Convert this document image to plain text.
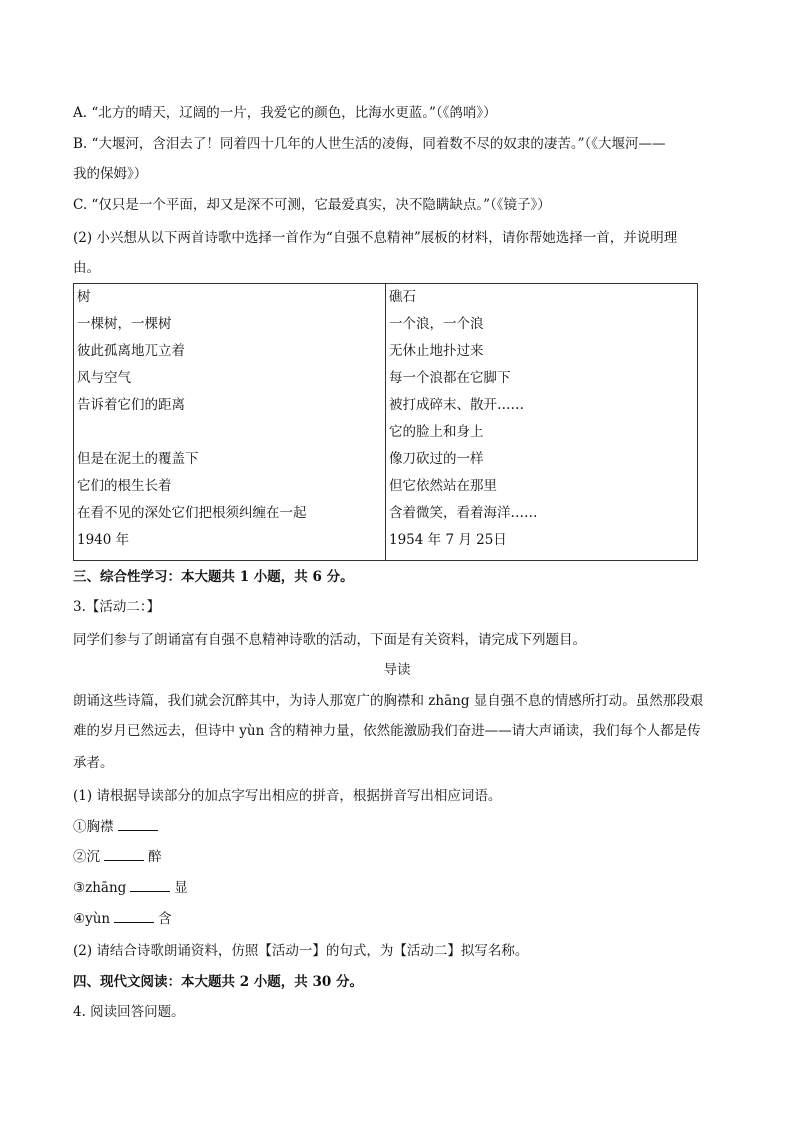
A. “北方的晴天，辽阔的一片，我爱它的颜色，比海水更蓝。”（《鸽哨》）
B. “大堰河，含泪去了！同着四十几年的人世生活的凌侮，同着数不尽的奴隶的凄苦。”（《大堰河——
我的保姆》）
C. “仅只是一个平面，却又是深不可测，它最爱真实，决不隐瞒缺点。”（《镜子》）
(2) 小兴想从以下两首诗歌中选择一首作为“自强不息精神”展板的材料，请你帮她选择一首，并说明理
由。
树
一棵树，一棵树
彼此孤离地兀立着
风与空气
告诉着它们的距离
但是在泥土的覆盖下
它们的根生长着
在看不见的深处它们把根须纠缠在一起
1940 年

礁石
一个浪，一个浪
无休止地扑过来
每一个浪都在它脚下
被打成碎末、散开……
它的脸上和身上
像刀砍过的一样
但它依然站在那里
含着微笑，看着海洋……
1954 年 7 月 25日
三、综合性学习：本大题共 1 小题，共 6 分。
3.【活动二：】
同学们参与了朗诵富有自强不息精神诗歌的活动，下面是有关资料，请完成下列题目。
导读
朗诵这些诗篇，我们就会沉醉其中，为诗人那宽广的胸襟和 zhāng 显自强不息的情感所打动。虽然那段艰
难的岁月已然远去，但诗中 yùn 含的精神力量，依然能激励我们奋进——请大声诵读，我们每个人都是传
承者。
(1) 请根据导读部分的加点字写出相应的拼音，根据拼音写出相应词语。
①胸襟
②沉	醉
③zhāng	显
④yùn	含
(2) 请结合诗歌朗诵资料，仿照【活动一】的句式，为【活动二】拟写名称。
四、现代文阅读：本大题共 2 小题，共 30 分。
4. 阅读回答问题。
